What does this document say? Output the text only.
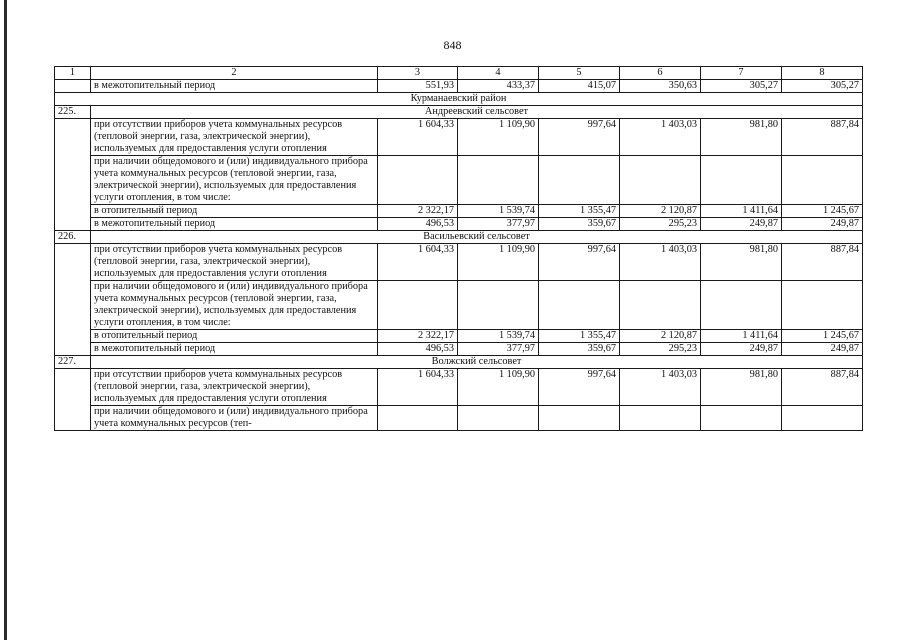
848
1	2	3	4	5	6	7	8
	в межотопительный период	551,93	433,37	415,07	350,63	305,27	305,27
Курманаевский район							
225.	Андреевский сельсовет						
	при отсутствии приборов учета коммунальных ресурсов (тепловой энергии, газа, электрической энергии), используемых для предоставления услуги отопления	1 604,33	1 109,90	997,64	1 403,03	981,80	887,84
	при наличии общедомового и (или) индивидуального прибора учета коммунальных ресурсов (тепловой энергии, газа, электрической энергии), используемых для предоставления услуги отопления, в том числе:						
	в отопительный период	2 322,17	1 539,74	1 355,47	2 120,87	1 411,64	1 245,67
	в межотопительный период	496,53	377,97	359,67	295,23	249,87	249,87
226.	Васильевский сельсовет						
	при отсутствии приборов учета коммунальных ресурсов (тепловой энергии, газа, электрической энергии), используемых для предоставления услуги отопления	1 604,33	1 109,90	997,64	1 403,03	981,80	887,84
	при наличии общедомового и (или) индивидуального прибора учета коммунальных ресурсов (тепловой энергии, газа, электрической энергии), используемых для предоставления услуги отопления, в том числе:						
	в отопительный период	2 322,17	1 539,74	1 355,47	2 120,87	1 411,64	1 245,67
	в межотопительный период	496,53	377,97	359,67	295,23	249,87	249,87
227.	Волжский сельсовет						
	при отсутствии приборов учета коммунальных ресурсов (тепловой энергии, газа, электрической энергии), используемых для предоставления услуги отопления	1 604,33	1 109,90	997,64	1 403,03	981,80	887,84
	при наличии общедомового и (или) индивидуального прибора учета коммунальных ресурсов (теп-						
